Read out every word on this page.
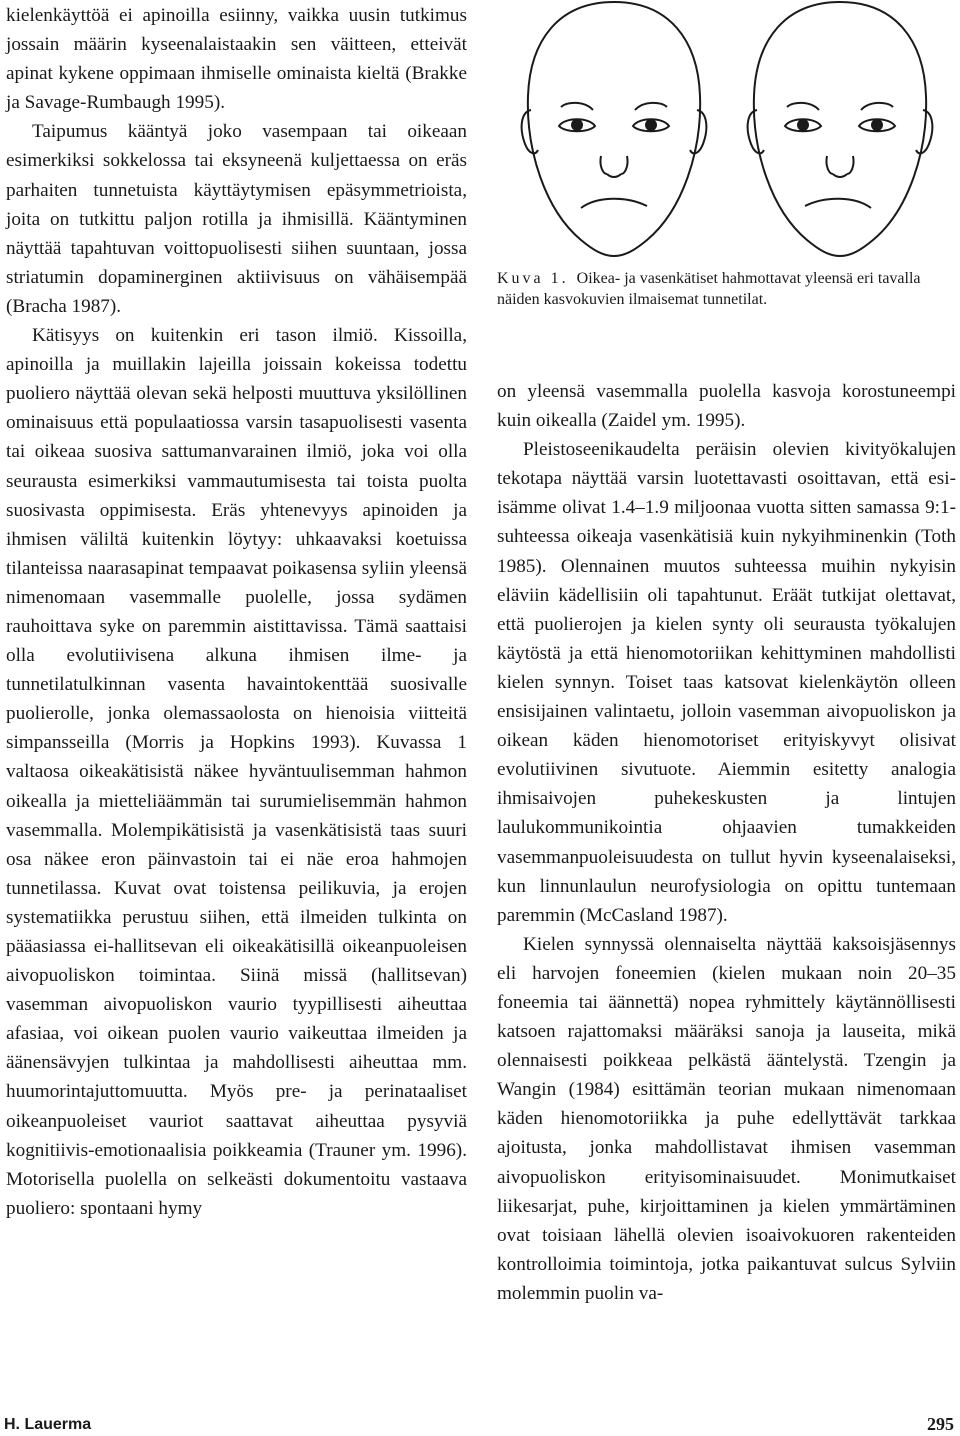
kielenkäyttöä ei apinoilla esiinny, vaikka uusin tutkimus jossain määrin kyseenalaistaakin sen väitteen, etteivät apinat kykene oppimaan ihmiselle ominaista kieltä (Brakke ja Savage-Rumbaugh 1995).

Taipumus kääntyä joko vasempaan tai oikeaan esimerkiksi sokkelossa tai eksyneenä kuljettaessa on eräs parhaiten tunnetuista käyttäytymisen epäsymmetrioista, joita on tutkittu paljon rotilla ja ihmisillä. Kääntyminen näyttää tapahtuvan voittopuolisesti siihen suuntaan, jossa striatumin dopaminerginen aktiivisuus on vähäisempää (Bracha 1987).

Kätisyys on kuitenkin eri tason ilmiö. Kissoilla, apinoilla ja muillakin lajeilla joissain kokeissa todettu puoliero näyttää olevan sekä helposti muuttuva yksilöllinen ominaisuus että populaatiossa varsin tasapuolisesti vasenta tai oikeaa suosiva sattumanvarainen ilmiö, joka voi olla seurausta esimerkiksi vammautumisesta tai toista puolta suosivasta oppimisesta. Eräs yhtenevyys apinoiden ja ihmisen väliltä kuitenkin löytyy: uhkaavaksi koetuissa tilanteissa naarasapinat tempaavat poikasensa syliin yleensä nimenomaan vasemmalle puolelle, jossa sydämen rauhoittava syke on paremmin aistittavissa. Tämä saattaisi olla evolutiivisena alkuna ihmisen ilme- ja tunnetilatulkinnan vasenta havaintokenttää suosivalle puolierolle, jonka olemassaolosta on hienoisia viitteitä simpansseilla (Morris ja Hopkins 1993). Kuvassa 1 valtaosa oikeakätisistä näkee hyväntuulisemman hahmon oikealla ja mietteliäämmän tai surumielisemmän hahmon vasemmalla. Molempikätisistä ja vasenkätisistä taas suuri osa näkee eron päinvastoin tai ei näe eroa hahmojen tunnetilassa. Kuvat ovat toistensa peilikuvia, ja erojen systematiikka perustuu siihen, että ilmeiden tulkinta on pääasiassa ei-hallitsevan eli oikeakätisillä oikeanpuoleisen aivopuoliskon toimintaa. Siinä missä (hallitsevan) vasemman aivopuoliskon vaurio tyypillisesti aiheuttaa afasiaa, voi oikean puolen vaurio vaikeuttaa ilmeiden ja äänensävyjen tulkintaa ja mahdollisesti aiheuttaa mm. huumorintajuttomuutta. Myös pre- ja perinataaliset oikeanpuoleiset vauriot saattavat aiheuttaa pysyviä kognitiivis-emotionaalisia poikkeamia (Trauner ym. 1996). Motorisella puolella on selkeästi dokumentoitu vastaava puoliero: spontaani hymy

Kuva 1. Oikea- ja vasenkätiset hahmottavat yleensä eri tavalla näiden kasvokuvien ilmaisemat tunnetilat.

on yleensä vasemmalla puolella kasvoja korostuneempi kuin oikealla (Zaidel ym. 1995).

Pleistoseenikaudelta peräisin olevien kivityökalujen tekotapa näyttää varsin luotettavasti osoittavan, että esi-isämme olivat 1.4–1.9 miljoonaa vuotta sitten samassa 9:1-suhteessa oikeaja vasenkätisiä kuin nykyihminenkin (Toth 1985). Olennainen muutos suhteessa muihin nykyisin eläviin kädellisiin oli tapahtunut. Eräät tutkijat olettavat, että puolierojen ja kielen synty oli seurausta työkalujen käytöstä ja että hienomotoriikan kehittyminen mahdollisti kielen synnyn. Toiset taas katsovat kielenkäytön olleen ensisijainen valintaetu, jolloin vasemman aivopuoliskon ja oikean käden hienomotoriset erityiskyvyt olisivat evolutiivinen sivutuote. Aiemmin esitetty analogia ihmisaivojen puhekeskusten ja lintujen laulukommunikointia ohjaavien tumakkeiden vasemmanpuoleisuudesta on tullut hyvin kyseenalaiseksi, kun linnunlaulun neurofysiologia on opittu tuntemaan paremmin (McCasland 1987).

Kielen synnyssä olennaiselta näyttää kaksoisjäsennys eli harvojen foneemien (kielen mukaan noin 20–35 foneemia tai äännettä) nopea ryhmittely käytännöllisesti katsoen rajattomaksi määräksi sanoja ja lauseita, mikä olennaisesti poikkeaa pelkästä ääntelystä. Tzengin ja Wangin (1984) esittämän teorian mukaan nimenomaan käden hienomotoriikka ja puhe edellyttävät tarkkaa ajoitusta, jonka mahdollistavat ihmisen vasemman aivopuoliskon erityisominaisuudet. Monimutkaiset liikesarjat, puhe, kirjoittaminen ja kielen ymmärtäminen ovat toisiaan lähellä olevien isoaivokuoren rakenteiden kontrolloimia toimintoja, jotka paikantuvat sulcus Sylviin molemmin puolin va-

H. Lauerma	295
